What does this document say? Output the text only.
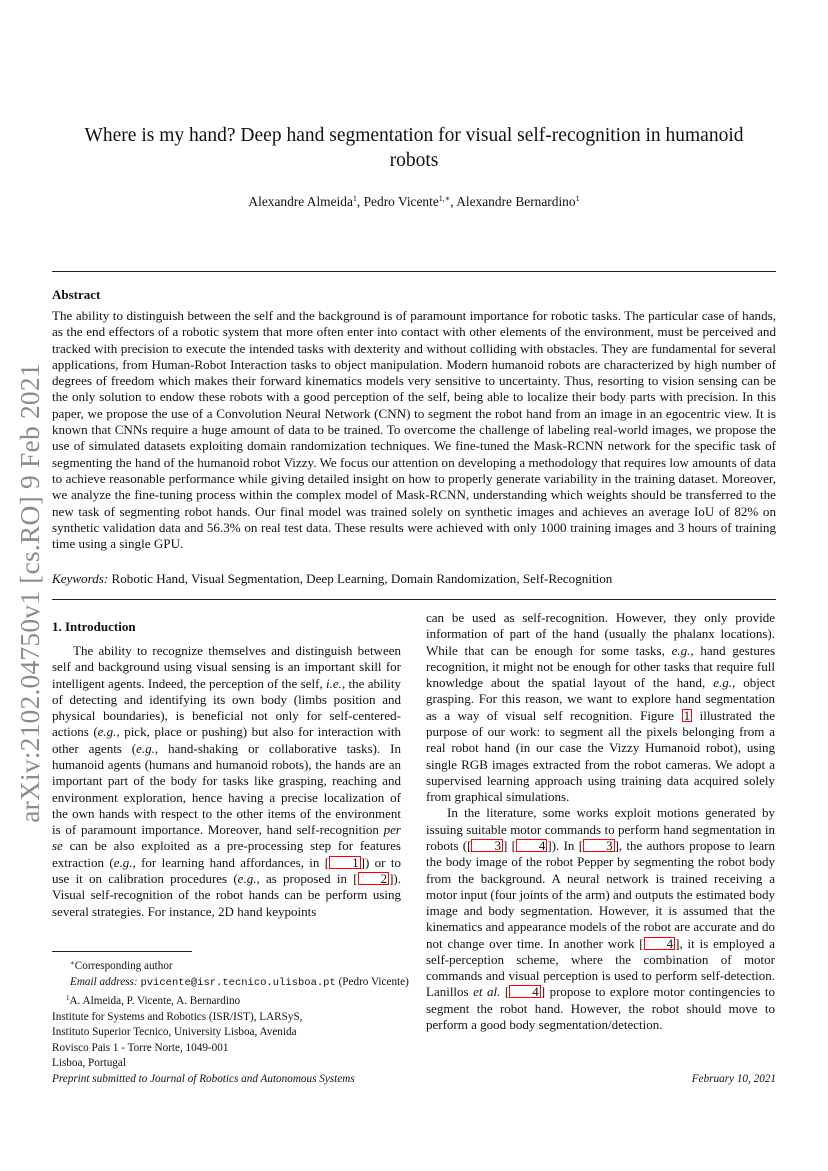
arXiv:2102.04750v1 [cs.RO] 9 Feb 2021
Where is my hand? Deep hand segmentation for visual self-recognition in humanoid robots
Alexandre Almeida$^1$, Pedro Vicente$^{1,∗}$, Alexandre Bernardino$^1$
Abstract
The ability to distinguish between the self and the background is of paramount importance for robotic tasks. The particular case of hands, as the end effectors of a robotic system that more often enter into contact with other elements of the environment, must be perceived and tracked with precision to execute the intended tasks with dexterity and without colliding with obstacles. They are fundamental for several applications, from Human-Robot Interaction tasks to object manipulation. Modern humanoid robots are characterized by high number of degrees of freedom which makes their forward kinematics models very sensitive to uncertainty. Thus, resorting to vision sensing can be the only solution to endow these robots with a good perception of the self, being able to localize their body parts with precision. In this paper, we propose the use of a Convolution Neural Network (CNN) to segment the robot hand from an image in an egocentric view. It is known that CNNs require a huge amount of data to be trained. To overcome the challenge of labeling real-world images, we propose the use of simulated datasets exploiting domain randomization techniques. We fine-tuned the Mask-RCNN network for the specific task of segmenting the hand of the humanoid robot Vizzy. We focus our attention on developing a methodology that requires low amounts of data to achieve reasonable performance while giving detailed insight on how to properly generate variability in the training dataset. Moreover, we analyze the fine-tuning process within the complex model of Mask-RCNN, understanding which weights should be transferred to the new task of segmenting robot hands. Our final model was trained solely on synthetic images and achieves an average IoU of 82% on synthetic validation data and 56.3% on real test data. These results were achieved with only 1000 training images and 3 hours of training time using a single GPU.
Keywords: Robotic Hand, Visual Segmentation, Deep Learning, Domain Randomization, Self-Recognition
1. Introduction

The ability to recognize themselves and distinguish between self and background using visual sensing is an important skill for intelligent agents. Indeed, the perception of the self, i.e., the ability of detecting and identifying its own body (limbs position and physical boundaries), is beneficial not only for self-centered-actions (e.g., pick, place or pushing) but also for interaction with other agents (e.g., hand-shaking or collaborative tasks). In humanoid agents (humans and humanoid robots), the hands are an important part of the body for tasks like grasping, reaching and environment exploration, hence having a precise localization of the own hands with respect to the other items of the environment is of paramount importance. Moreover, hand self-recognition per se can be also exploited as a pre-processing step for features extraction (e.g., for learning hand affordances, in [ 1 ]) or to use it on calibration procedures (e.g., as proposed in [ 2 ]). Visual self-recognition of the robot hands can be perform using several strategies. For instance, 2D hand keypoints

can be used as self-recognition. However, they only provide information of part of the hand (usually the phalanx locations). While that can be enough for some tasks, e.g., hand gestures recognition, it might not be enough for other tasks that require full knowledge about the spatial layout of the hand, e.g., object grasping. For this reason, we want to explore hand segmentation as a way of visual self recognition. Figure 1 illustrated the purpose of our work: to segment all the pixels belonging from a real robot hand (in our case the Vizzy Humanoid robot), using single RGB images extracted from the robot cameras. We adopt a supervised learning approach using training data acquired solely from graphical simulations.

In the literature, some works exploit motions generated by issuing suitable motor commands to perform hand segmentation in robots ([ 3 ] [ 4 ]). In [ 3 ], the authors propose to learn the body image of the robot Pepper by segmenting the robot body from the background. A neural network is trained receiving a motor input (four joints of the arm) and outputs the estimated body image and body segmentation. However, it is assumed that the kinematics and appearance models of the robot are accurate and do not change over time. In another work [ 4 ], it is employed a self-perception scheme, where the combination of motor commands and visual perception is used to perform self-detection. Lanillos et al. [ 4 ] propose to explore motor contingencies to segment the robot hand. However, the robot should move to perform a good body segmentation/detection.

∗Corresponding author
Email address: pvicente@isr.tecnico.ulisboa.pt (Pedro Vicente)
$^1$A. Almeida, P. Vicente, A. Bernardino
Institute for Systems and Robotics (ISR/IST), LARSyS,
Instituto Superior Tecnico, University Lisboa, Avenida
Rovisco Pais 1 - Torre Norte, 1049-001
Lisboa, Portugal
Preprint submitted to Journal of Robotics and Autonomous Systems	February 10, 2021
